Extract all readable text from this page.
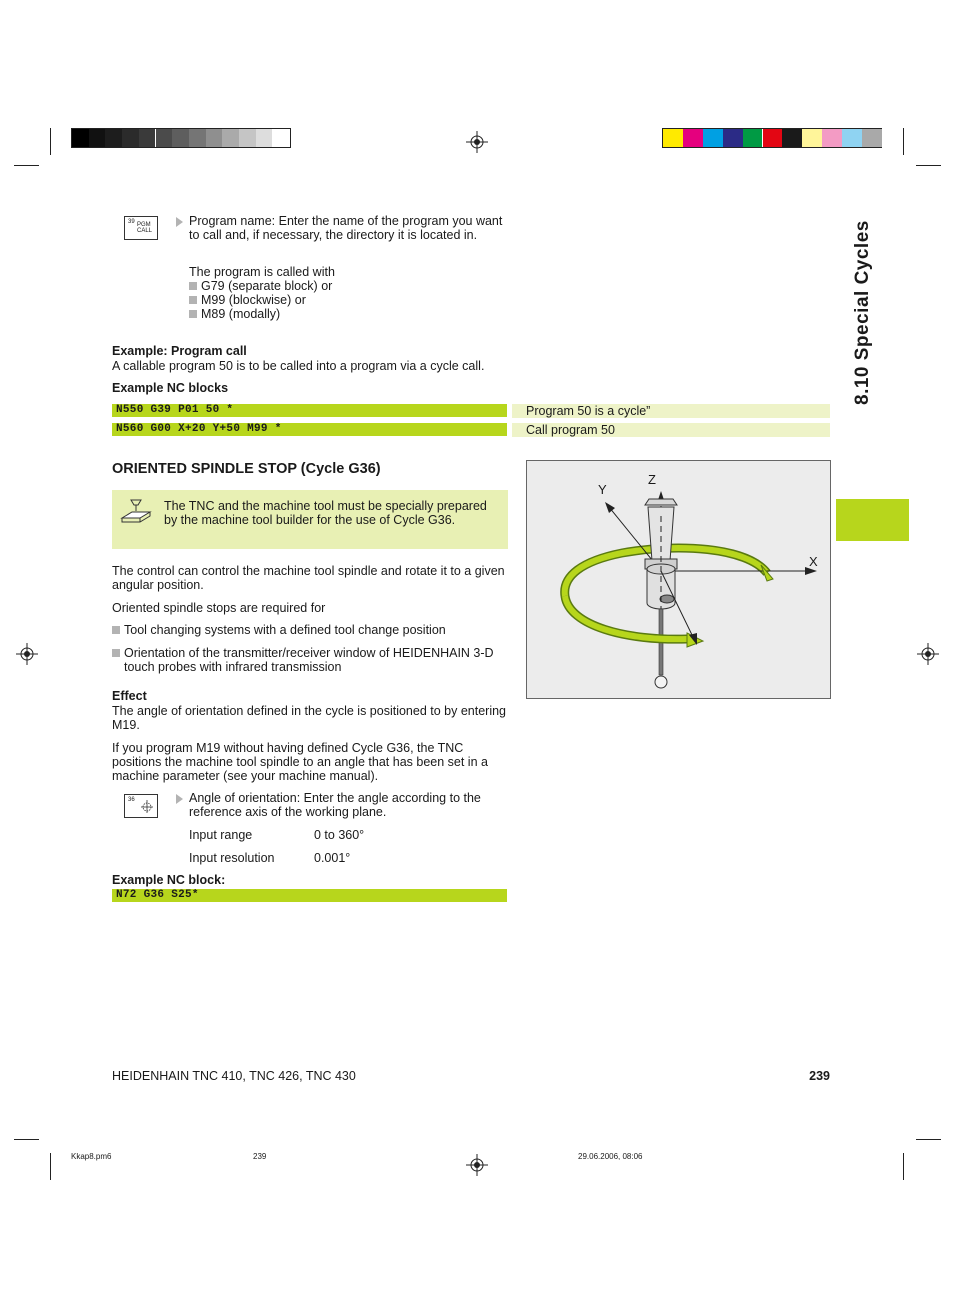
8.10 Special Cycles
39 PGM
CALL
Program name: Enter the name of the program you want to call and, if necessary, the directory it is located in.
The program is called with
G79 (separate block) or
M99 (blockwise) or
M89 (modally)
Example: Program call
A callable program 50 is to be called into a program via a cycle call.
Example NC blocks
N550 G39 P01 50 *	Program 50 is a cycle”
N560 G00 X+20 Y+50 M99 *	Call program 50
ORIENTED SPINDLE STOP (Cycle G36)
The TNC and the machine tool must be specially prepared by the machine tool builder for the use of Cycle G36.
The control can control the machine tool spindle and rotate it to a given angular position.
Oriented spindle stops are required for
Tool changing systems with a defined tool change position
Orientation of the transmitter/receiver window of HEIDENHAIN 3-D touch probes with infrared transmission
Effect
The angle of orientation defined in the cycle is positioned to by entering M19.
If you program M19 without having defined Cycle G36, the TNC positions the machine tool spindle to an angle that has been set in a machine parameter (see your machine manual).
36	Angle of orientation: Enter the angle according to the reference axis of the working plane.
Input range	0 to 360°
Input resolution	0.001°
Example NC block:
N72 G36 S25*
Z
Y
X
HEIDENHAIN TNC 410, TNC 426, TNC 430	239
Kkap8.pm6	239	29.06.2006, 08:06
